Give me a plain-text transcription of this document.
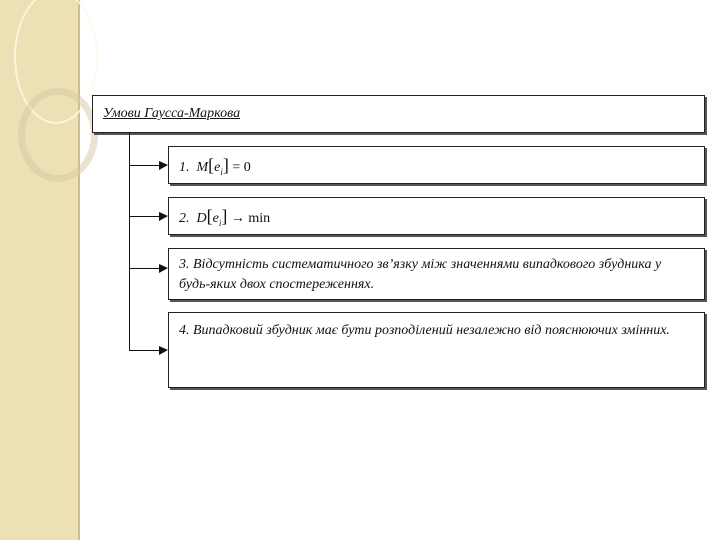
Умови Гаусса-Маркова
1. $M[e_i] = 0$
2. $D[e_i] \to \min$
3. Відсутність систематичного зв’язку між значеннями випадкового збудника у будь-яких двох спостереженнях.
4. Випадковий збудник має бути розподілений незалежно від пояснюючих змінних.
